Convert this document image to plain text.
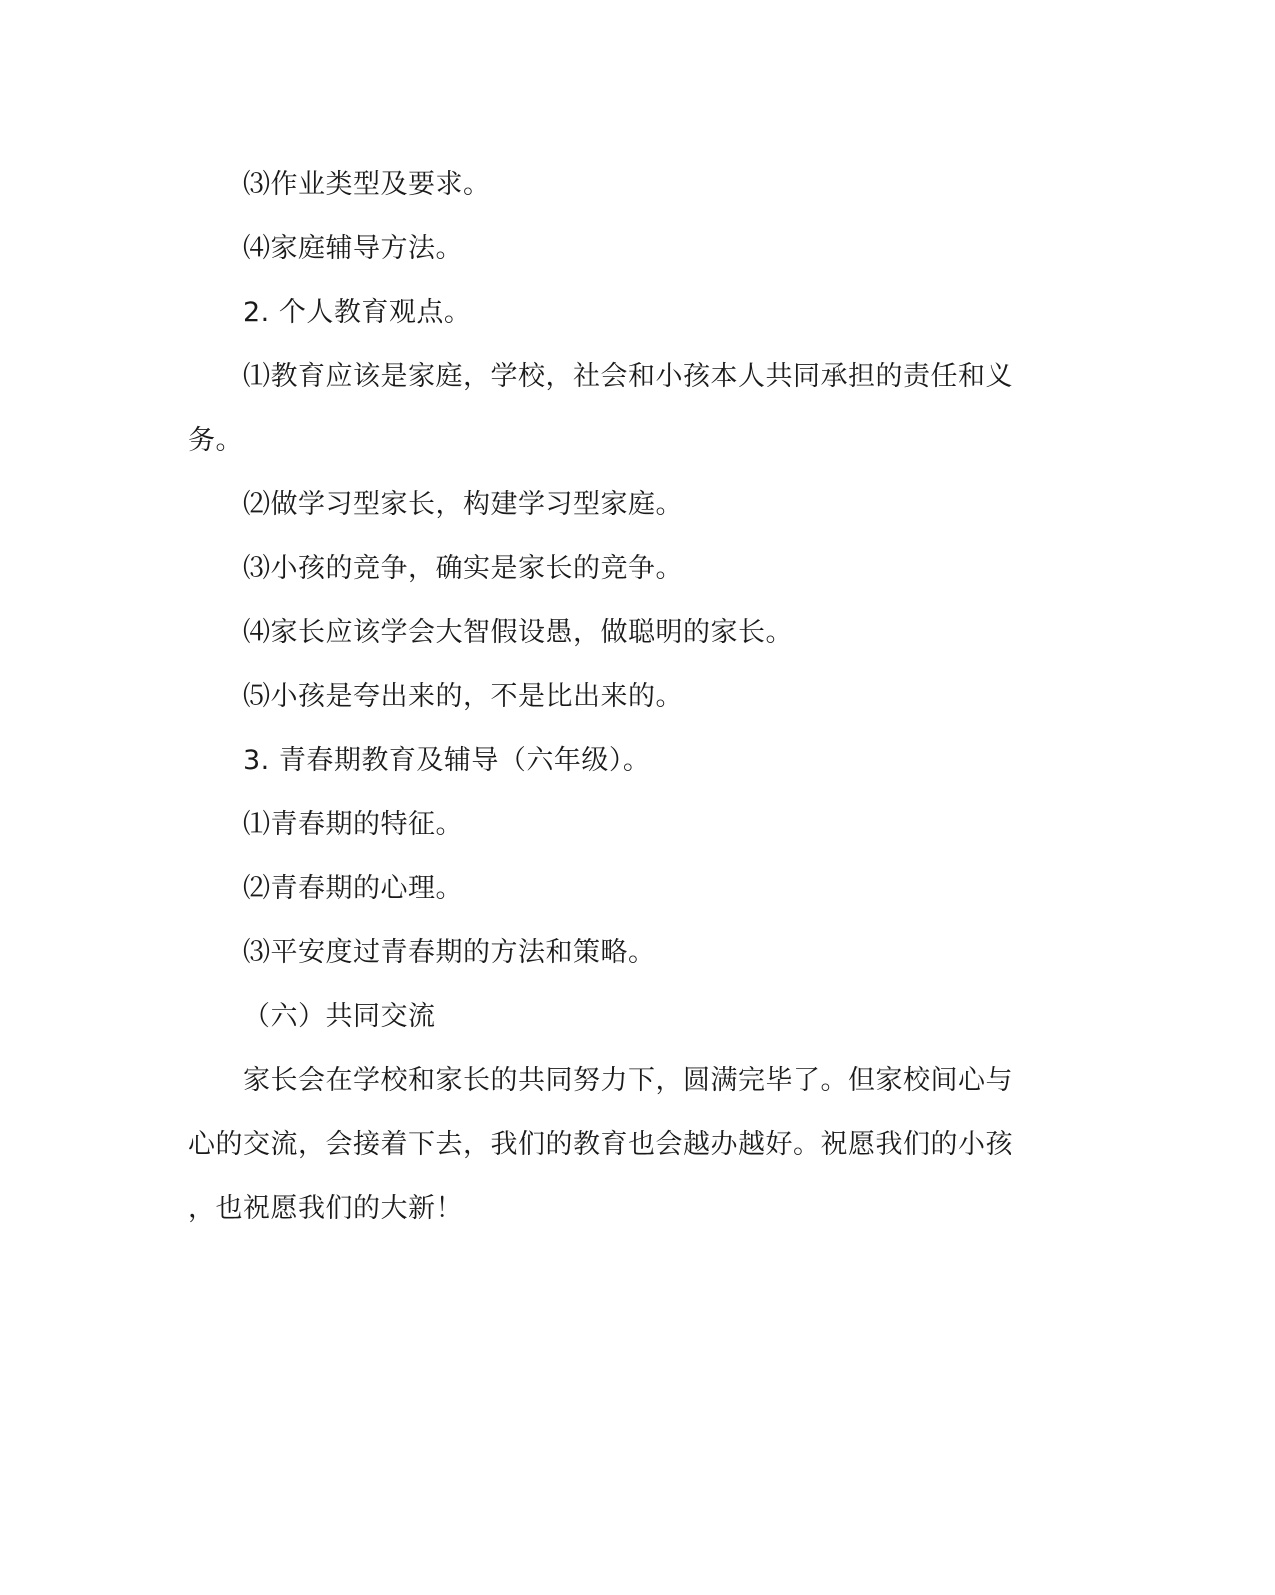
⑶作业类型及要求。
⑷家庭辅导方法。
2. 个人教育观点。
⑴教育应该是家庭，学校，社会和小孩本人共同承担的责任和义
务。
⑵做学习型家长，构建学习型家庭。
⑶小孩的竞争，确实是家长的竞争。
⑷家长应该学会大智假设愚，做聪明的家长。
⑸小孩是夸出来的，不是比出来的。
3. 青春期教育及辅导（六年级）。
⑴青春期的特征。
⑵青春期的心理。
⑶平安度过青春期的方法和策略。
（六）共同交流
家长会在学校和家长的共同努力下，圆满完毕了。但家校间心与
心的交流，会接着下去，我们的教育也会越办越好。祝愿我们的小孩
，也祝愿我们的大新！
